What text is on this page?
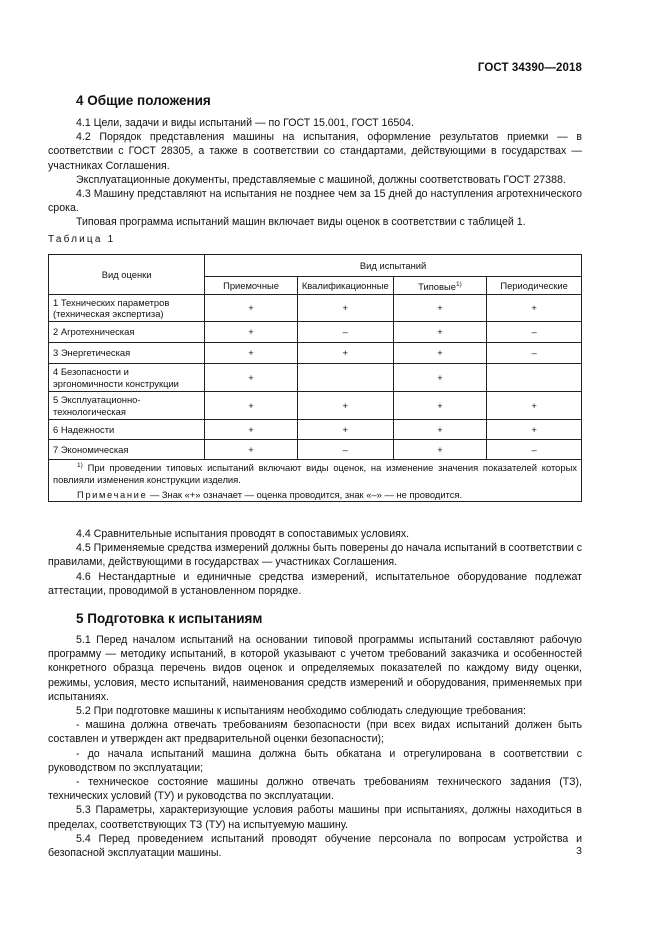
ГОСТ 34390—2018
4 Общие положения

4.1 Цели, задачи и виды испытаний — по ГОСТ 15.001, ГОСТ 16504.

4.2 Порядок представления машины на испытания, оформление результатов приемки — в соответствии с ГОСТ 28305, а также в соответствии со стандартами, действующими в государствах — участниках Соглашения.

Эксплуатационные документы, представляемые с машиной, должны соответствовать ГОСТ 27388.

4.3 Машину представляют на испытания не позднее чем за 15 дней до наступления агротехнического срока.

Типовая программа испытаний машин включает виды оценок в соответствии с таблицей 1.

Таблица 1
Вид оценки	Вид испытаний			
	Приемочные	Квалификационные	Типовые$^{1)}$	Периодические
1 Технических параметров (техническая экспертиза)	+	+	+	+
2 Агротехническая	+	–	+	–
3 Энергетическая	+	+	+	–
4 Безопасности и эргономичности конструкции	+		+	
5 Эксплуатационно-технологическая	+	+	+	+
6 Надежности	+	+	+	+
7 Экономическая	+	–	+	–

$^{1)}$ При проведении типовых испытаний включают виды оценок, на изменение значения показателей которых повлияли изменения конструкции изделия.

Примечание — Знак «+» означает — оценка проводится, знак «–» — не проводится.				

4.4 Сравнительные испытания проводят в сопоставимых условиях.

4.5 Применяемые средства измерений должны быть поверены до начала испытаний в соответствии с правилами, действующими в государствах — участниках Соглашения.

4.6 Нестандартные и единичные средства измерений, испытательное оборудование подлежат аттестации, проводимой в установленном порядке.

5 Подготовка к испытаниям

5.1 Перед началом испытаний на основании типовой программы испытаний составляют рабочую программу — методику испытаний, в которой указывают с учетом требований заказчика и особенностей конкретного образца перечень видов оценок и определяемых показателей по каждому виду оценки, режимы, условия, место испытаний, наименования средств измерений и оборудования, применяемых при испытаниях.

5.2 При подготовке машины к испытаниям необходимо соблюдать следующие требования:

- машина должна отвечать требованиям безопасности (при всех видах испытаний должен быть составлен и утвержден акт предварительной оценки безопасности);

- до начала испытаний машина должна быть обкатана и отрегулирована в соответствии с руководством по эксплуатации;

- техническое состояние машины должно отвечать требованиям технического задания (ТЗ), технических условий (ТУ) и руководства по эксплуатации.

5.3 Параметры, характеризующие условия работы машины при испытаниях, должны находиться в пределах, соответствующих ТЗ (ТУ) на испытуемую машину.

5.4 Перед проведением испытаний проводят обучение персонала по вопросам устройства и безопасной эксплуатации машины.	3
